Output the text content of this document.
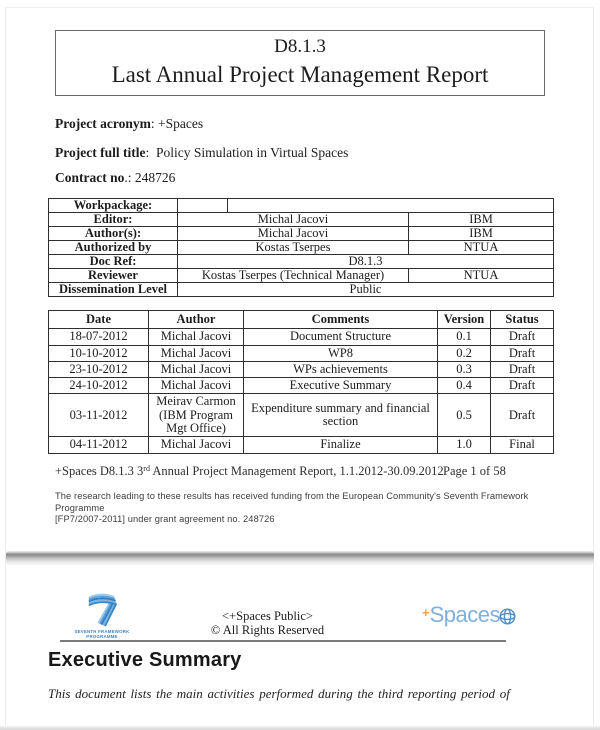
D8.1.3
Last Annual Project Management Report
Project acronym: +Spaces
Project full title:  Policy Simulation in Virtual Spaces
Contract no.: 248726
Workpackage:			
Editor:	Michal Jacovi		IBM
Author(s):	Michal Jacovi		IBM
Authorized by	Kostas Tserpes		NTUA
Doc Ref:	D8.1.3		
Reviewer	Kostas Tserpes (Technical Manager)		NTUA
Dissemination Level	Public		
Date	Author	Comments	Version	Status
18-07-2012	Michal Jacovi	Document Structure	0.1	Draft
10-10-2012	Michal Jacovi	WP8	0.2	Draft
23-10-2012	Michal Jacovi	WPs achievements	0.3	Draft
24-10-2012	Michal Jacovi	Executive Summary	0.4	Draft
03-11-2012	Meirav Carmon (IBM Program Mgt Office)	Expenditure summary and financial section	0.5	Draft
04-11-2012	Michal Jacovi	Finalize	1.0	Final
+Spaces D8.1.3 3rd Annual Project Management Report, 1.1.2012-30.09.2012 Page 1 of 58
The research leading to these results has received funding from the European Community's Seventh Framework Programme
[FP7/2007-2011] under grant agreement no. 248726
SEVENTH FRAMEWORK
PROGRAMME
<+Spaces Public>
© All Rights Reserved
+ Spaces
Executive Summary
This document lists the main activities performed during the third reporting period of
